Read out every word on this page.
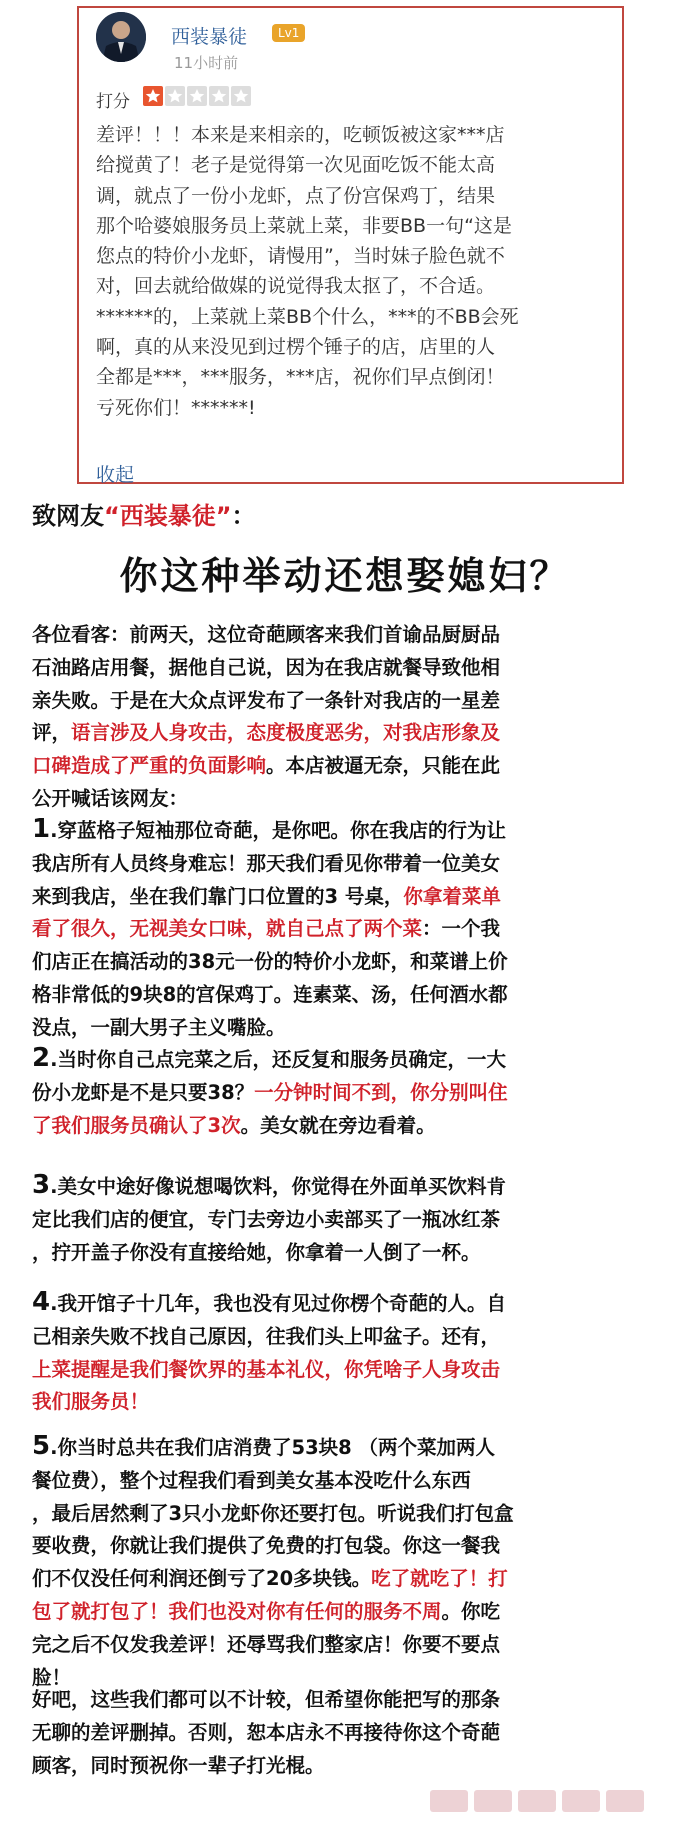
西装暴徒	Lv1
11小时前
打分
差评！！！本来是来相亲的，吃顿饭被这家***店
给搅黄了！老子是觉得第一次见面吃饭不能太高
调，就点了一份小龙虾，点了份宫保鸡丁，结果
那个哈婆娘服务员上菜就上菜，非要BB一句“这是
您点的特价小龙虾，请慢用”，当时妹子脸色就不
对，回去就给做媒的说觉得我太抠了，不合适。
******的，上菜就上菜BB个什么，***的不BB会死
啊，真的从来没见到过楞个锤子的店，店里的人
全都是***，***服务，***店，祝你们早点倒闭！
亏死你们！******!
收起
致网友“西装暴徒”：
你这种举动还想娶媳妇？
各位看客：前两天，这位奇葩顾客来我们首谕品厨厨品
石油路店用餐，据他自己说，因为在我店就餐导致他相
亲失败。于是在大众点评发布了一条针对我店的一星差
评，语言涉及人身攻击，态度极度恶劣，对我店形象及
口碑造成了严重的负面影响。本店被逼无奈，只能在此
公开喊话该网友：
1.穿蓝格子短袖那位奇葩，是你吧。你在我店的行为让
我店所有人员终身难忘！那天我们看见你带着一位美女
来到我店，坐在我们靠门口位置的3 号桌，你拿着菜单
看了很久，无视美女口味，就自己点了两个菜：一个我
们店正在搞活动的38元一份的特价小龙虾，和菜谱上价
格非常低的9块8的宫保鸡丁。连素菜、汤，任何酒水都
没点，一副大男子主义嘴脸。
2.当时你自己点完菜之后，还反复和服务员确定，一大
份小龙虾是不是只要38？一分钟时间不到，你分别叫住
了我们服务员确认了3次。美女就在旁边看着。
3.美女中途好像说想喝饮料，你觉得在外面单买饮料肯
定比我们店的便宜，专门去旁边小卖部买了一瓶冰红茶
，拧开盖子你没有直接给她，你拿着一人倒了一杯。
4.我开馆子十几年，我也没有见过你楞个奇葩的人。自
己相亲失败不找自己原因，往我们头上叩盆子。还有，
上菜提醒是我们餐饮界的基本礼仪，你凭啥子人身攻击
我们服务员！
5.你当时总共在我们店消费了53块8 （两个菜加两人
餐位费），整个过程我们看到美女基本没吃什么东西
，最后居然剩了3只小龙虾你还要打包。听说我们打包盒
要收费，你就让我们提供了免费的打包袋。你这一餐我
们不仅没任何利润还倒亏了20多块钱。吃了就吃了！打
包了就打包了！我们也没对你有任何的服务不周。你吃
完之后不仅发我差评！还辱骂我们整家店！你要不要点
脸！
好吧，这些我们都可以不计较，但希望你能把写的那条
无聊的差评删掉。否则，恕本店永不再接待你这个奇葩
顾客，同时预祝你一辈子打光棍。
